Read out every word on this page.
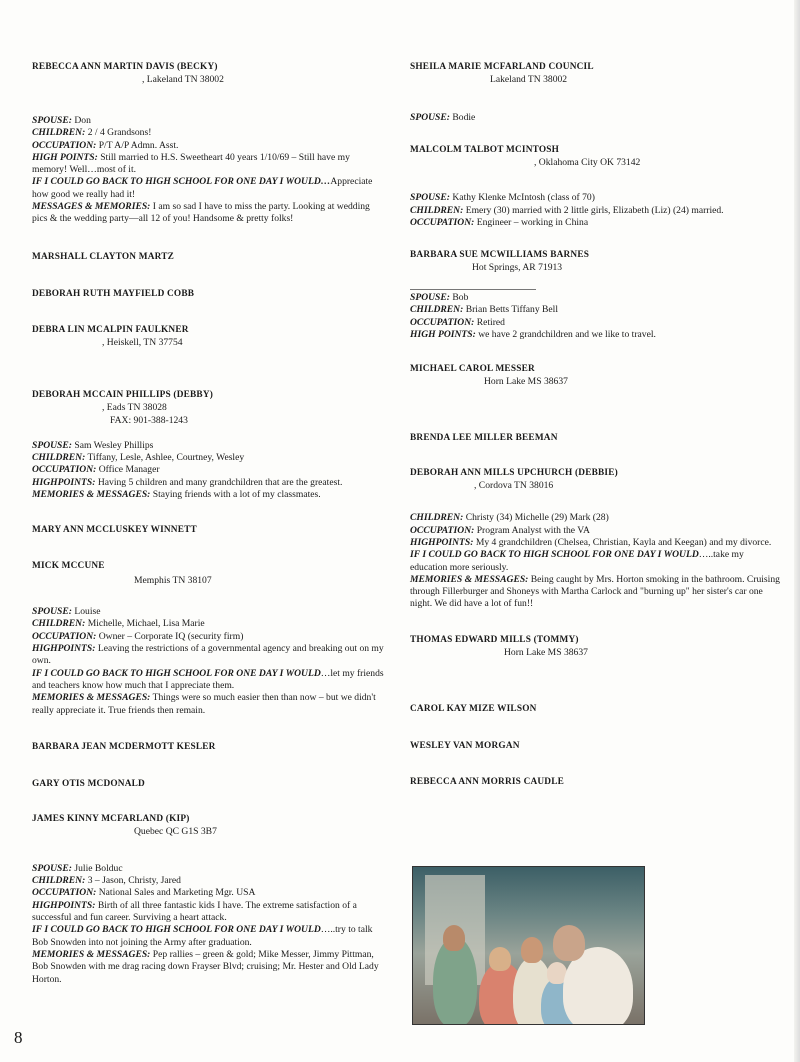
REBECCA ANN MARTIN DAVIS (BECKY)
, Lakeland TN 38002
SPOUSE: Don
CHILDREN: 2 / 4 Grandsons!
OCCUPATION: P/T A/P Admn. Asst.
HIGH POINTS: Still married to H.S. Sweetheart 40 years 1/10/69 – Still have my memory! Well…most of it.
IF I COULD GO BACK TO HIGH SCHOOL FOR ONE DAY I WOULD…Appreciate how good we really had it!
MESSAGES & MEMORIES: I am so sad I have to miss the party. Looking at wedding pics & the wedding party—all 12 of you! Handsome & pretty folks!
MARSHALL CLAYTON MARTZ
DEBORAH RUTH MAYFIELD COBB
DEBRA LIN MCALPIN FAULKNER
, Heiskell, TN 37754
DEBORAH MCCAIN PHILLIPS (DEBBY)
, Eads TN 38028
FAX: 901-388-1243
SPOUSE: Sam Wesley Phillips
CHILDREN: Tiffany, Lesle, Ashlee, Courtney, Wesley
OCCUPATION: Office Manager
HIGHPOINTS: Having 5 children and many grandchildren that are the greatest.
MEMORIES & MESSAGES: Staying friends with a lot of my classmates.
MARY ANN MCCLUSKEY WINNETT
MICK MCCUNE
Memphis TN 38107
SPOUSE: Louise
CHILDREN: Michelle, Michael, Lisa Marie
OCCUPATION: Owner – Corporate IQ (security firm)
HIGHPOINTS: Leaving the restrictions of a governmental agency and breaking out on my own.
IF I COULD GO BACK TO HIGH SCHOOL FOR ONE DAY I WOULD…let my friends and teachers know how much that I appreciate them.
MEMORIES & MESSAGES: Things were so much easier then than now – but we didn't really appreciate it. True friends then remain.
BARBARA JEAN MCDERMOTT KESLER
GARY OTIS MCDONALD
JAMES KINNY MCFARLAND (KIP)
Quebec QC G1S 3B7
SPOUSE: Julie Bolduc
CHILDREN: 3 – Jason, Christy, Jared
OCCUPATION: National Sales and Marketing Mgr. USA
HIGHPOINTS: Birth of all three fantastic kids I have. The extreme satisfaction of a successful and fun career. Surviving a heart attack.
IF I COULD GO BACK TO HIGH SCHOOL FOR ONE DAY I WOULD…..try to talk Bob Snowden into not joining the Army after graduation.
MEMORIES & MESSAGES: Pep rallies – green & gold; Mike Messer, Jimmy Pittman, Bob Snowden with me drag racing down Frayser Blvd; cruising; Mr. Hester and Old Lady Horton.
SHEILA MARIE MCFARLAND COUNCIL
Lakeland TN 38002
SPOUSE: Bodie
MALCOLM TALBOT MCINTOSH
, Oklahoma City OK 73142
SPOUSE: Kathy Klenke McIntosh (class of 70)
CHILDREN: Emery (30) married with 2 little girls, Elizabeth (Liz) (24) married.
OCCUPATION: Engineer – working in China
BARBARA SUE MCWILLIAMS BARNES
Hot Springs, AR 71913
SPOUSE: Bob
CHILDREN: Brian Betts Tiffany Bell
OCCUPATION: Retired
HIGH POINTS: we have 2 grandchildren and we like to travel.
MICHAEL CAROL MESSER
Horn Lake MS 38637
BRENDA LEE MILLER BEEMAN
DEBORAH ANN MILLS UPCHURCH (DEBBIE)
, Cordova TN 38016
CHILDREN: Christy (34) Michelle (29) Mark (28)
OCCUPATION: Program Analyst with the VA
HIGHPOINTS: My 4 grandchildren (Chelsea, Christian, Kayla and Keegan) and my divorce.
IF I COULD GO BACK TO HIGH SCHOOL FOR ONE DAY I WOULD…..take my education more seriously.
MEMORIES & MESSAGES: Being caught by Mrs. Horton smoking in the bathroom. Cruising through Fillerburger and Shoneys with Martha Carlock and "burning up" her sister's car one night. We did have a lot of fun!!
THOMAS EDWARD MILLS (TOMMY)
Horn Lake MS 38637
CAROL KAY MIZE WILSON
WESLEY VAN MORGAN
REBECCA ANN MORRIS CAUDLE
8
